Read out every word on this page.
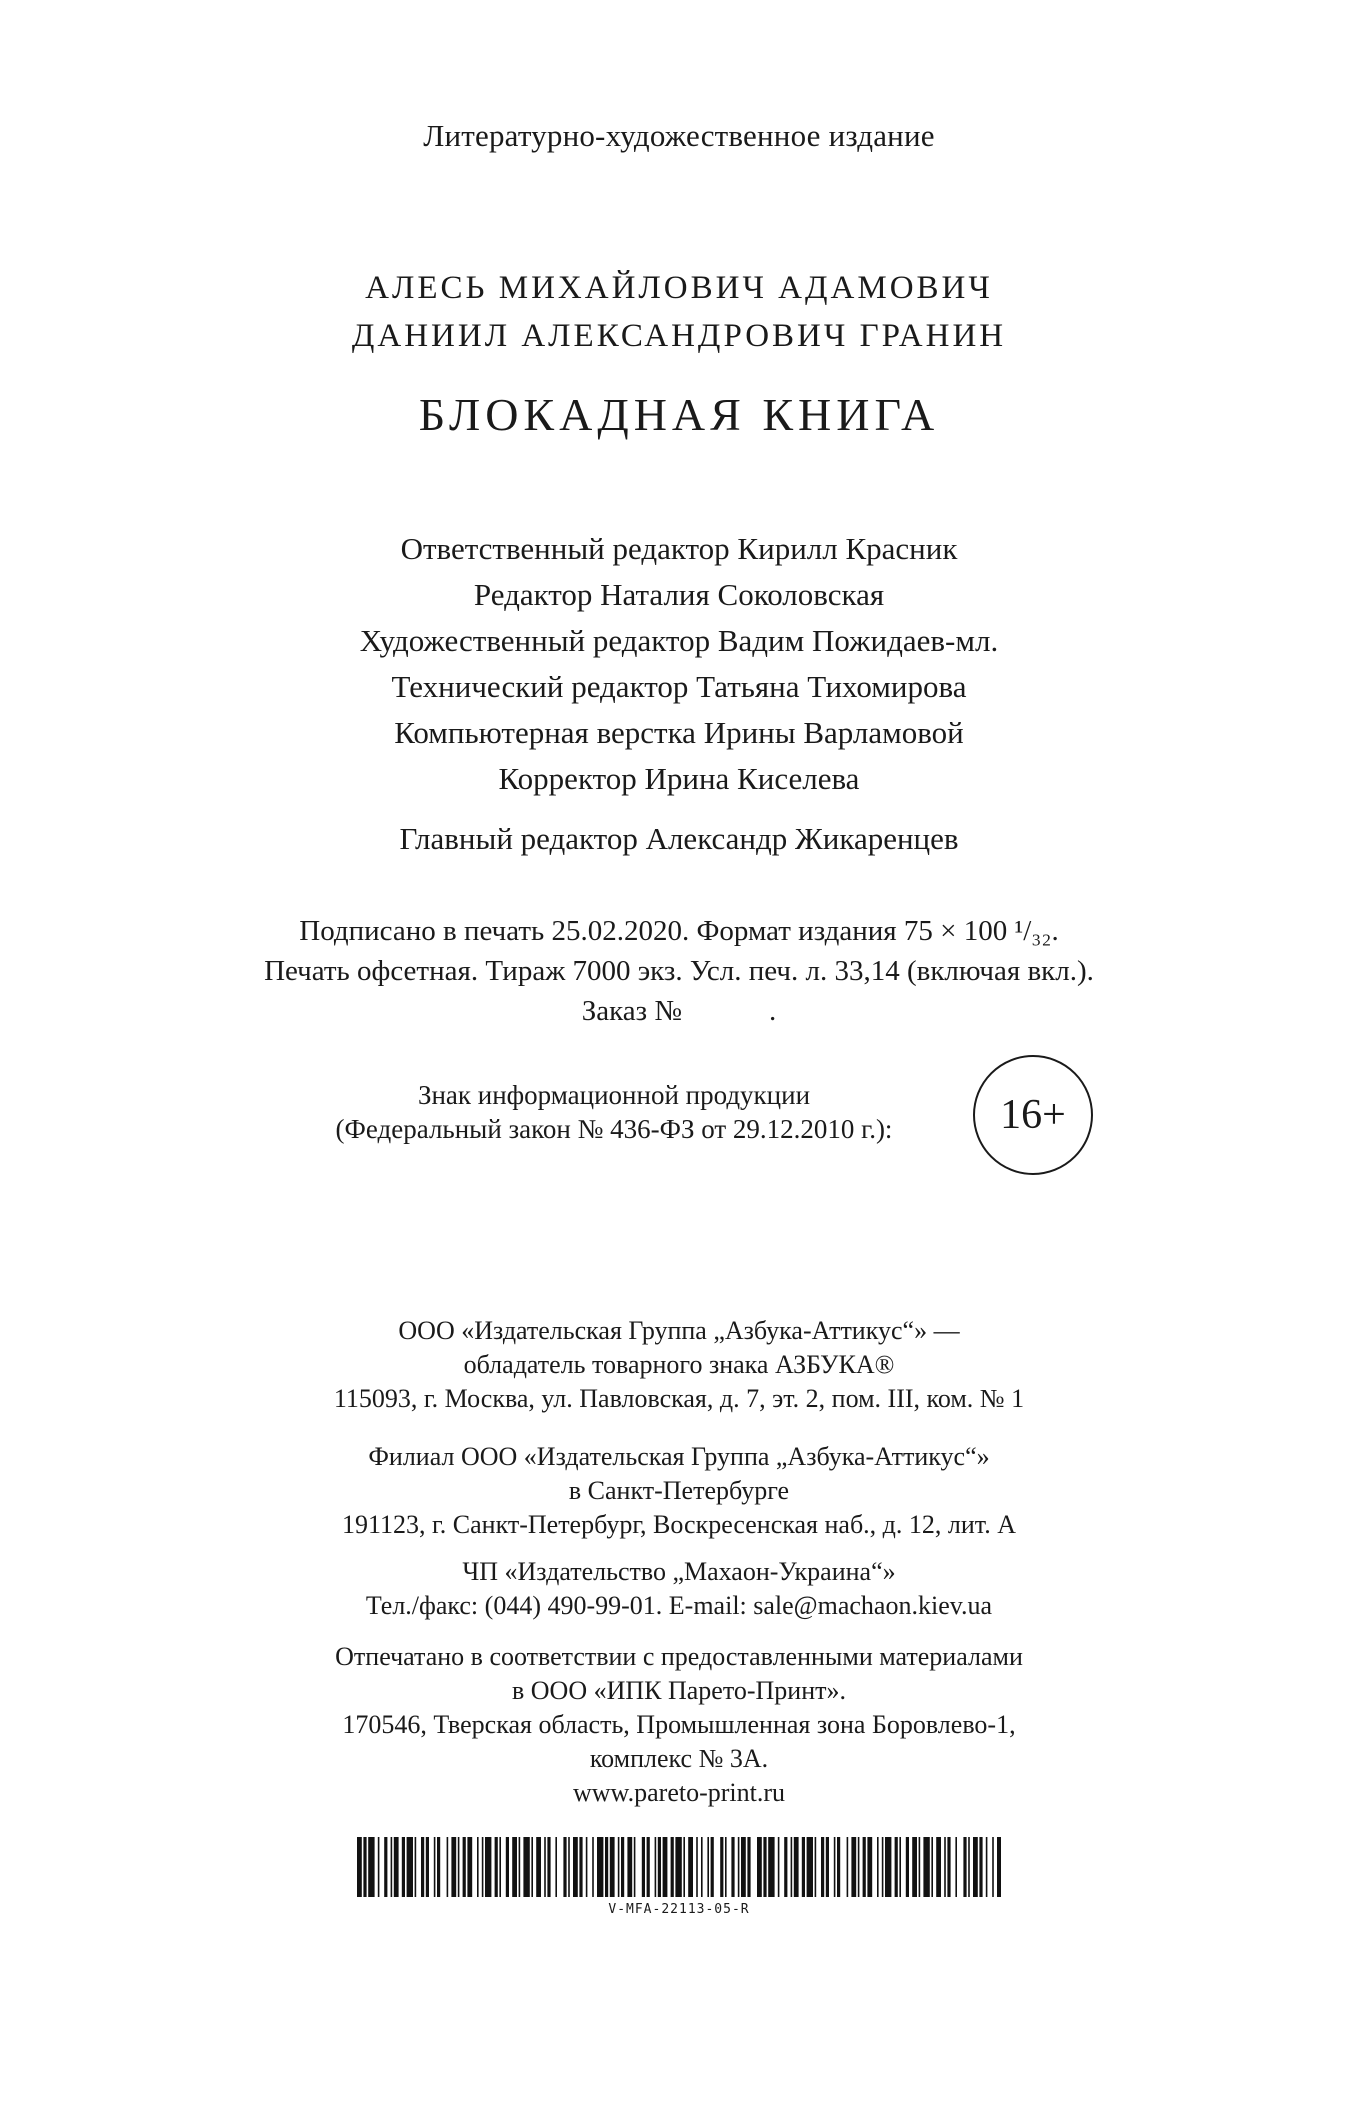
Литературно-художественное издание
АЛЕСЬ МИХАЙЛОВИЧ АДАМОВИЧ
ДАНИИЛ АЛЕКСАНДРОВИЧ ГРАНИН
БЛОКАДНАЯ КНИГА
Ответственный редактор Кирилл Красник
Редактор Наталия Соколовская
Художественный редактор Вадим Пожидаев-мл.
Технический редактор Татьяна Тихомирова
Компьютерная верстка Ирины Варламовой
Корректор Ирина Киселева
Главный редактор Александр Жикаренцев
Подписано в печать 25.02.2020. Формат издания 75 × 100 ¹/₃₂.
Печать офсетная. Тираж 7000 экз. Усл. печ. л. 33,14 (включая вкл.).
Заказ №            .
Знак информационной продукции
(Федеральный закон № 436-ФЗ от 29.12.2010 г.):	16+
ООО «Издательская Группа „Азбука-Аттикус“» —
обладатель товарного знака АЗБУКА®
115093, г. Москва, ул. Павловская, д. 7, эт. 2, пом. III, ком. № 1
Филиал ООО «Издательская Группа „Азбука-Аттикус“»
в Санкт-Петербурге
191123, г. Санкт-Петербург, Воскресенская наб., д. 12, лит. А
ЧП «Издательство „Махаон-Украина“»
Тел./факс: (044) 490-99-01. E-mail: sale@machaon.kiev.ua
Отпечатано в соответствии с предоставленными материалами
в ООО «ИПК Парето-Принт».
170546, Тверская область, Промышленная зона Боровлево-1,
комплекс № 3А.
www.pareto-print.ru
V-MFA-22113-05-R
